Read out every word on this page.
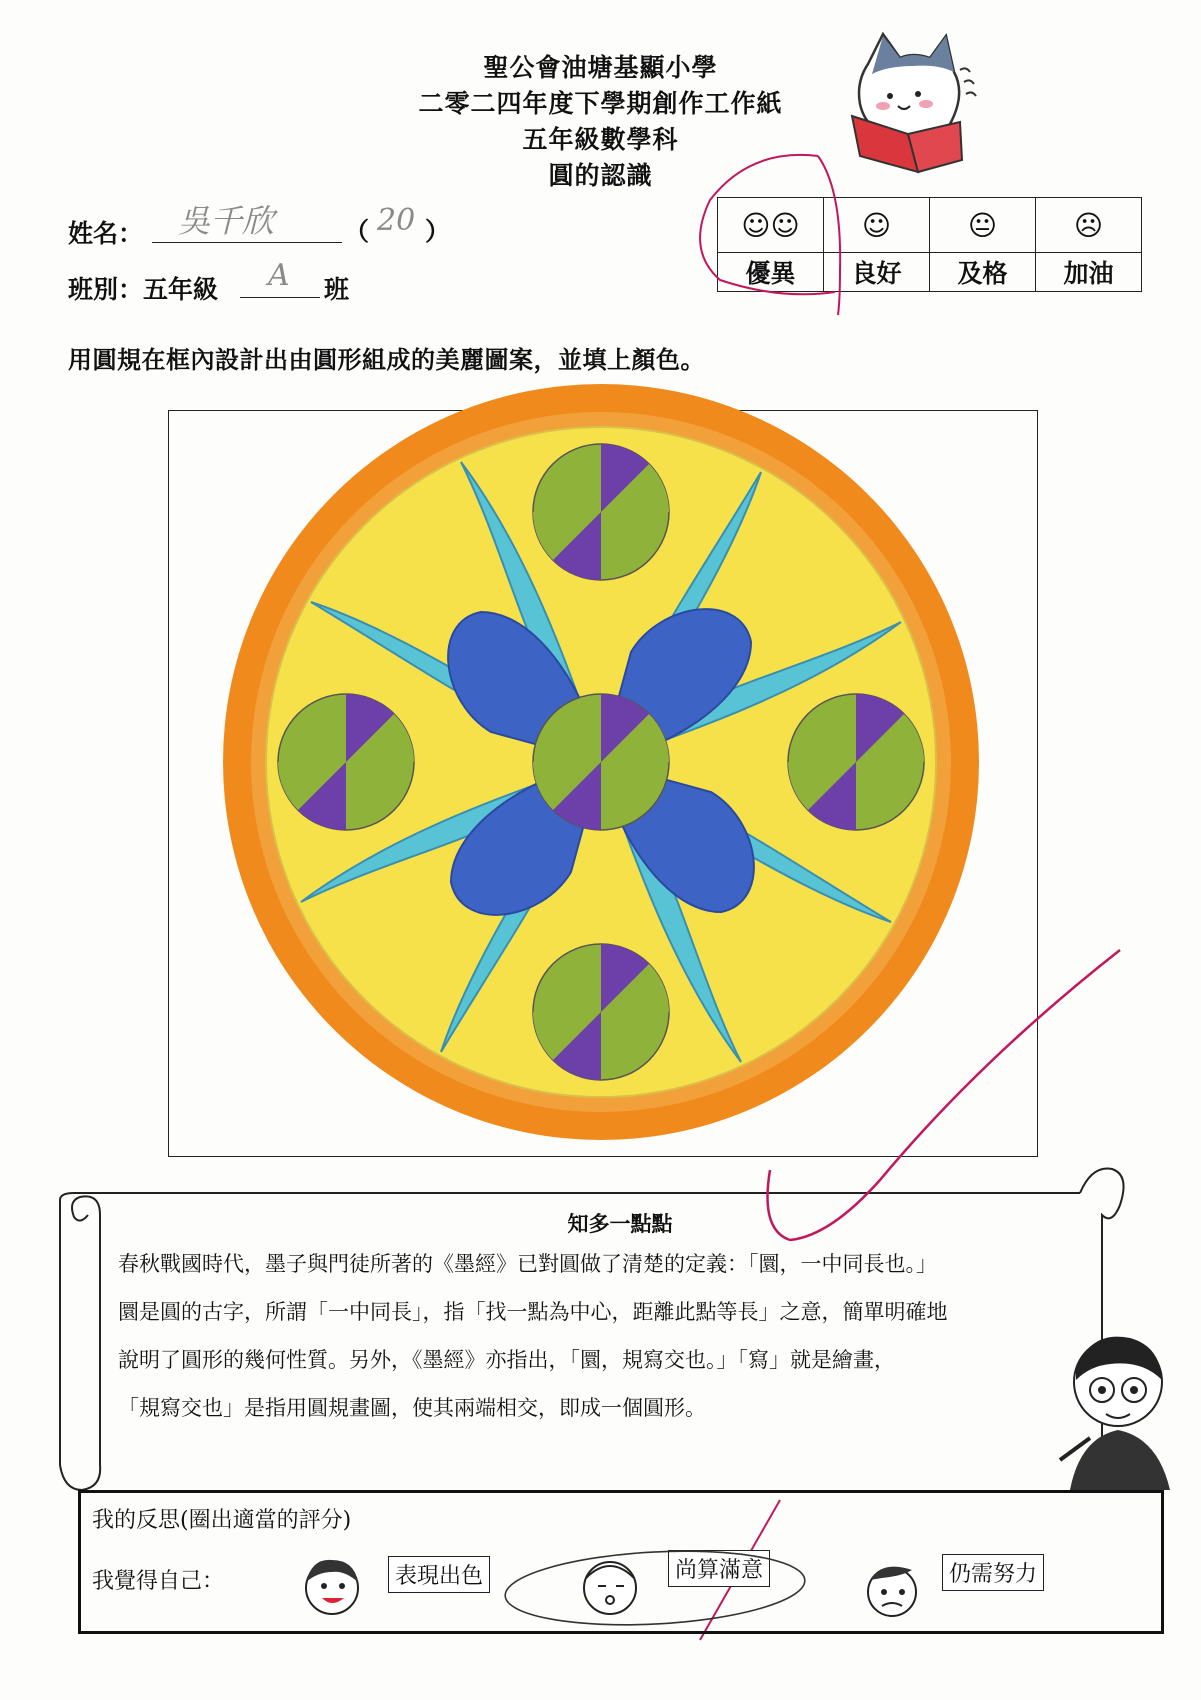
聖公會油塘基顯小學
二零二四年度下學期創作工作紙
五年級數學科
圓的認識
姓名： 吳千欣	（ 20 ）
班別：五年級 A 班
☺☺	☺	😐	☹
優異	良好	及格	加油
用圓規在框內設計出由圓形組成的美麗圖案，並填上顏色。
知多一點點
春秋戰國時代，墨子與門徒所著的《墨經》已對圓做了清楚的定義：「圜，一中同長也。」
圜是圓的古字，所謂「一中同長」，指「找一點為中心，距離此點等長」之意，簡單明確地
說明了圓形的幾何性質。另外，《墨經》亦指出，「圜，規寫交也。」「寫」就是繪畫，
「規寫交也」是指用圓規畫圖，使其兩端相交，即成一個圓形。
我的反思(圈出適當的評分)
我覺得自己：	表現出色	尚算滿意	仍需努力
